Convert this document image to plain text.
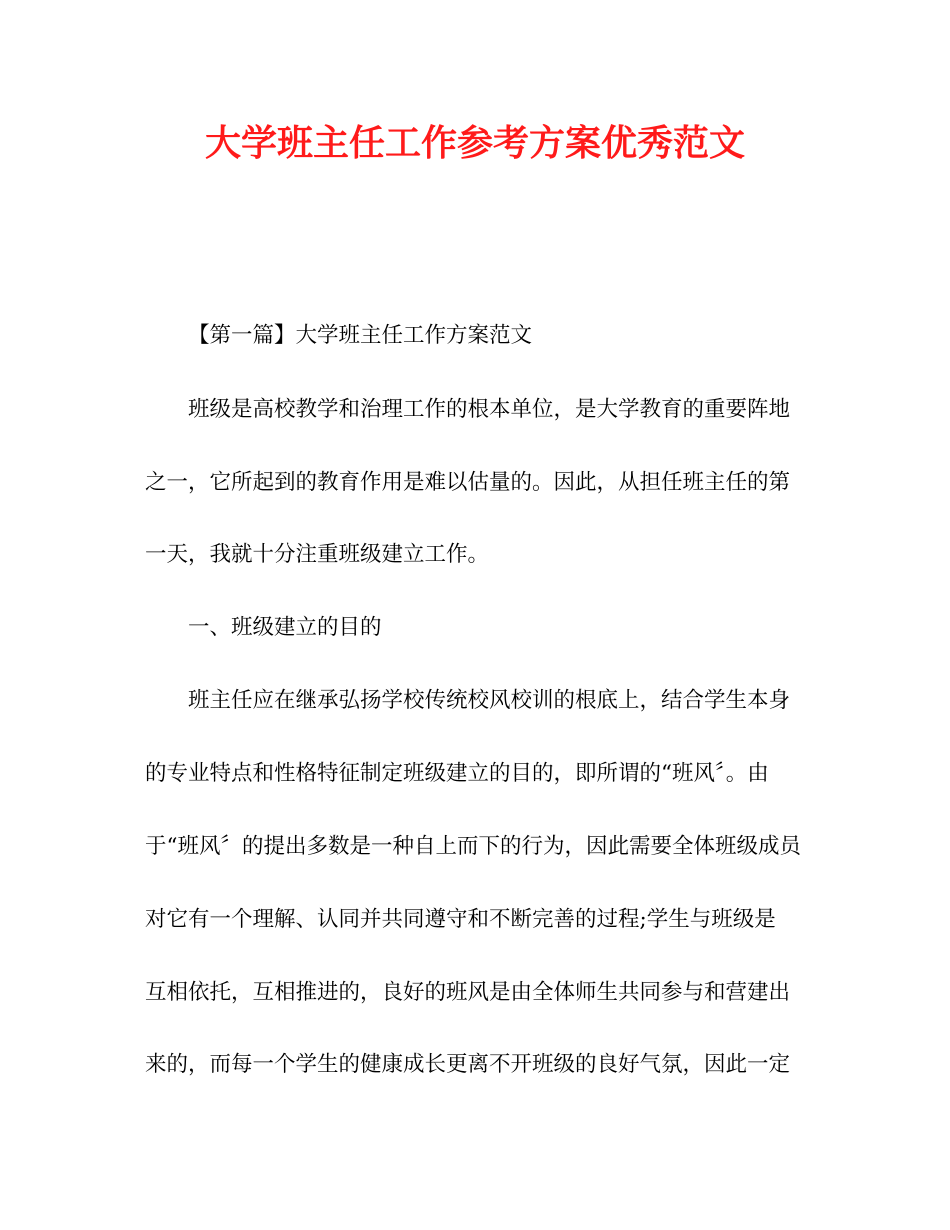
大学班主任工作参考方案优秀范文

【第一篇】大学班主任工作方案范文

班级是高校教学和治理工作的根本单位，是大学教育的重要阵地

之一，它所起到的教育作用是难以估量的。因此，从担任班主任的第

一天，我就十分注重班级建立工作。

一、班级建立的目的

班主任应在继承弘扬学校传统校风校训的根底上，结合学生本身

的专业特点和性格特征制定班级建立的目的，即所谓的“班风〞。由

于“班风〞的提出多数是一种自上而下的行为，因此需要全体班级成员

对它有一个理解、认同并共同遵守和不断完善的过程;学生与班级是

互相依托，互相推进的，良好的班风是由全体师生共同参与和营建出

来的，而每一个学生的健康成长更离不开班级的良好气氛，因此一定
